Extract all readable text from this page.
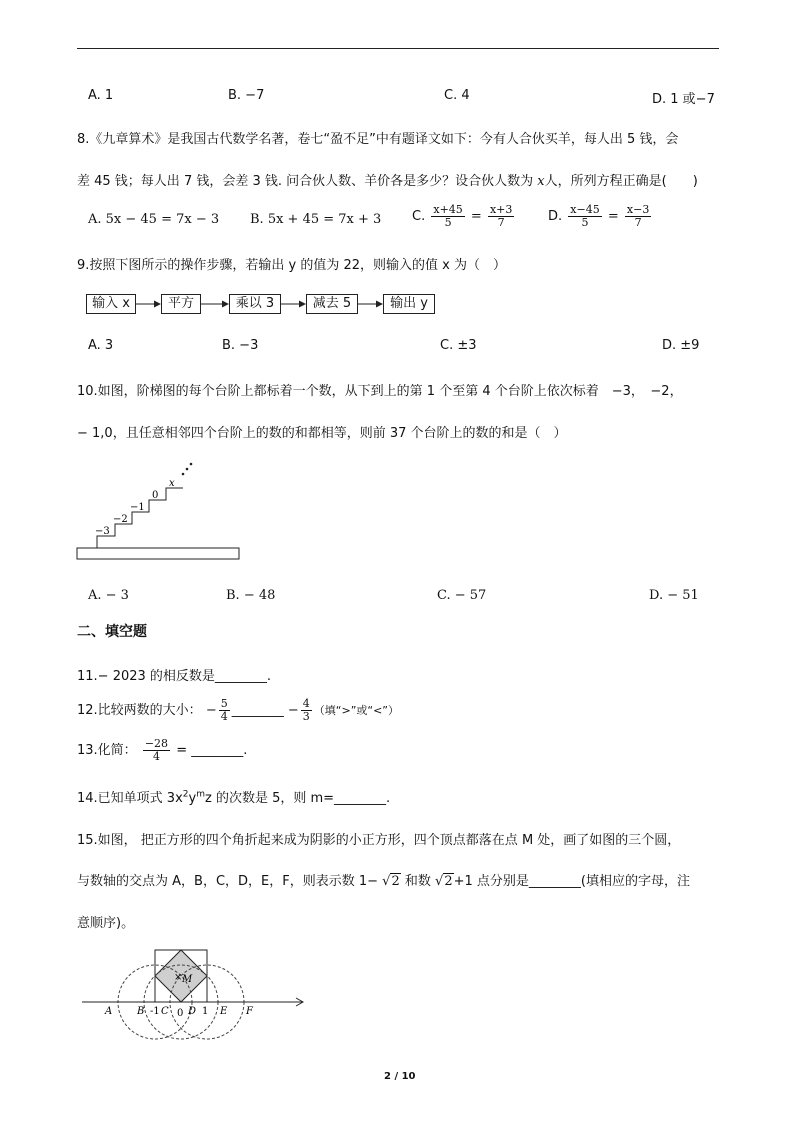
A. 1	B. −7	C. 4	D. 1 或−7
8.《九章算术》是我国古代数学名著，卷七“盈不足”中有题译文如下：今有人合伙买羊，每人出 5 钱，会
差 45 钱；每人出 7 钱，会差 3 钱. 问合伙人数、羊价各是多少？设合伙人数为 x人，所列方程正确是(　　)
A. 5x − 45 = 7x − 3 B. 5x + 45 = 7x + 3 C. $\frac{x+45}{5} = \frac{x+3}{7}$	D. $\frac{x-45}{5} = \frac{x-3}{7}$
9.按照下图所示的操作步骤，若输出 y 的值为 22，则输入的值 x 为（　）
输入 x	平方	乘以 3	减去 5	输出 y
A. 3	B. −3	C. ±3	D. ±9
10.如图，阶梯图的每个台阶上都标着一个数，从下到上的第 1 个至第 4 个台阶上依次标着　−3，　−2，
− 1,0，且任意相邻四个台阶上的数的和都相等，则前 37 个台阶上的数的和是（　）
−3
−2
−1
0
x
A. − 3	B. − 48	C. − 57	D. − 51
二、填空题
11.− 2023 的相反数是________.
12.比较两数的大小： − $\frac{5}{4}$ ________ − $\frac{4}{3}$ （填“>”或“<”）
13.化简： $\frac{-28}{4}$ = ________.
14.已知单项式 $3x^2y^mz$ 的次数是 5，则 m=________.
15.如图， 把正方形的四个角折起来成为阴影的小正方形，四个顶点都落在点 M 处，画了如图的三个圆，
与数轴的交点为 A，B，C，D，E，F，则表示数 1− √ 2 和数 √ 2 +1 点分别是________(填相应的字母，注
意顺序)。
× M
A B -1 C 0 D 1 E F
2 / 10
